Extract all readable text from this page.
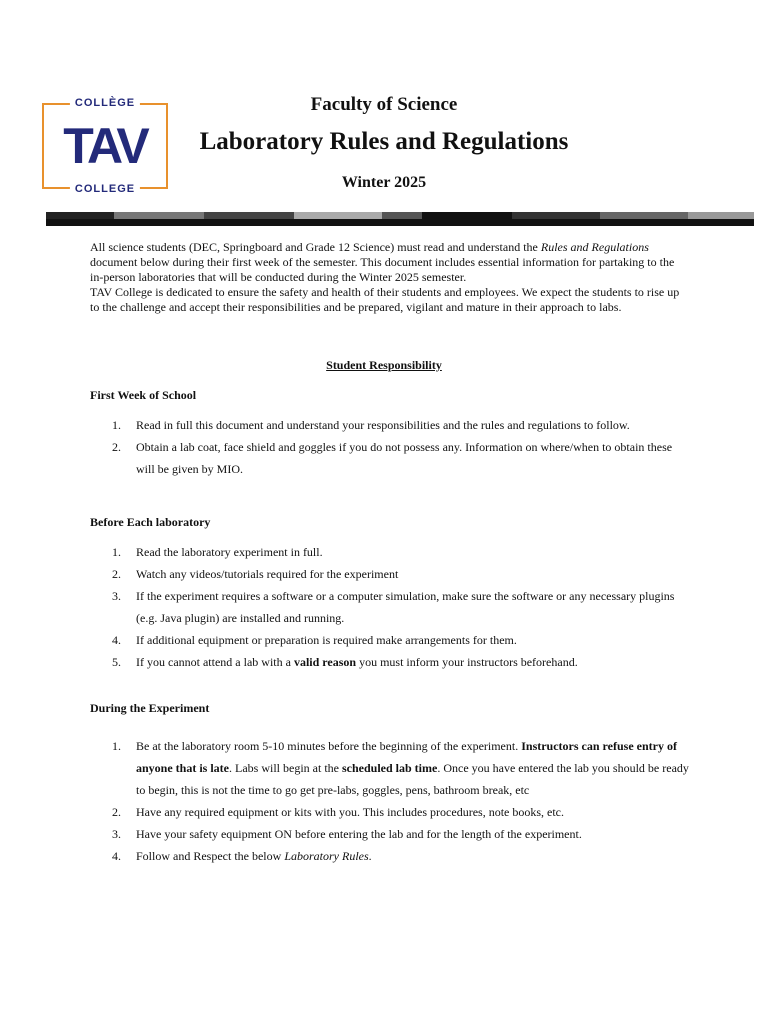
COLLÈGE
TAV
COLLEGE
Faculty of Science
Laboratory Rules and Regulations
Winter 2025
All science students (DEC, Springboard and Grade 12 Science) must read and understand the Rules and Regulations document below during their first week of the semester. This document includes essential information for partaking to the in-person laboratories that will be conducted during the Winter 2025 semester.
TAV College is dedicated to ensure the safety and health of their students and employees. We expect the students to rise up to the challenge and accept their responsibilities and be prepared, vigilant and mature in their approach to labs.
Student Responsibility
First Week of School
1. Read in full this document and understand your responsibilities and the rules and regulations to follow.
2. Obtain a lab coat, face shield and goggles if you do not possess any. Information on where/when to obtain these will be given by MIO.
Before Each laboratory
1. Read the laboratory experiment in full.
2. Watch any videos/tutorials required for the experiment
3. If the experiment requires a software or a computer simulation, make sure the software or any necessary plugins (e.g. Java plugin) are installed and running.
4. If additional equipment or preparation is required make arrangements for them.
5. If you cannot attend a lab with a valid reason you must inform your instructors beforehand.
During the Experiment
1. Be at the laboratory room 5-10 minutes before the beginning of the experiment. Instructors can refuse entry of anyone that is late. Labs will begin at the scheduled lab time. Once you have entered the lab you should be ready to begin, this is not the time to go get pre-labs, goggles, pens, bathroom break, etc
2. Have any required equipment or kits with you. This includes procedures, note books, etc.
3. Have your safety equipment ON before entering the lab and for the length of the experiment.
4. Follow and Respect the below Laboratory Rules.
